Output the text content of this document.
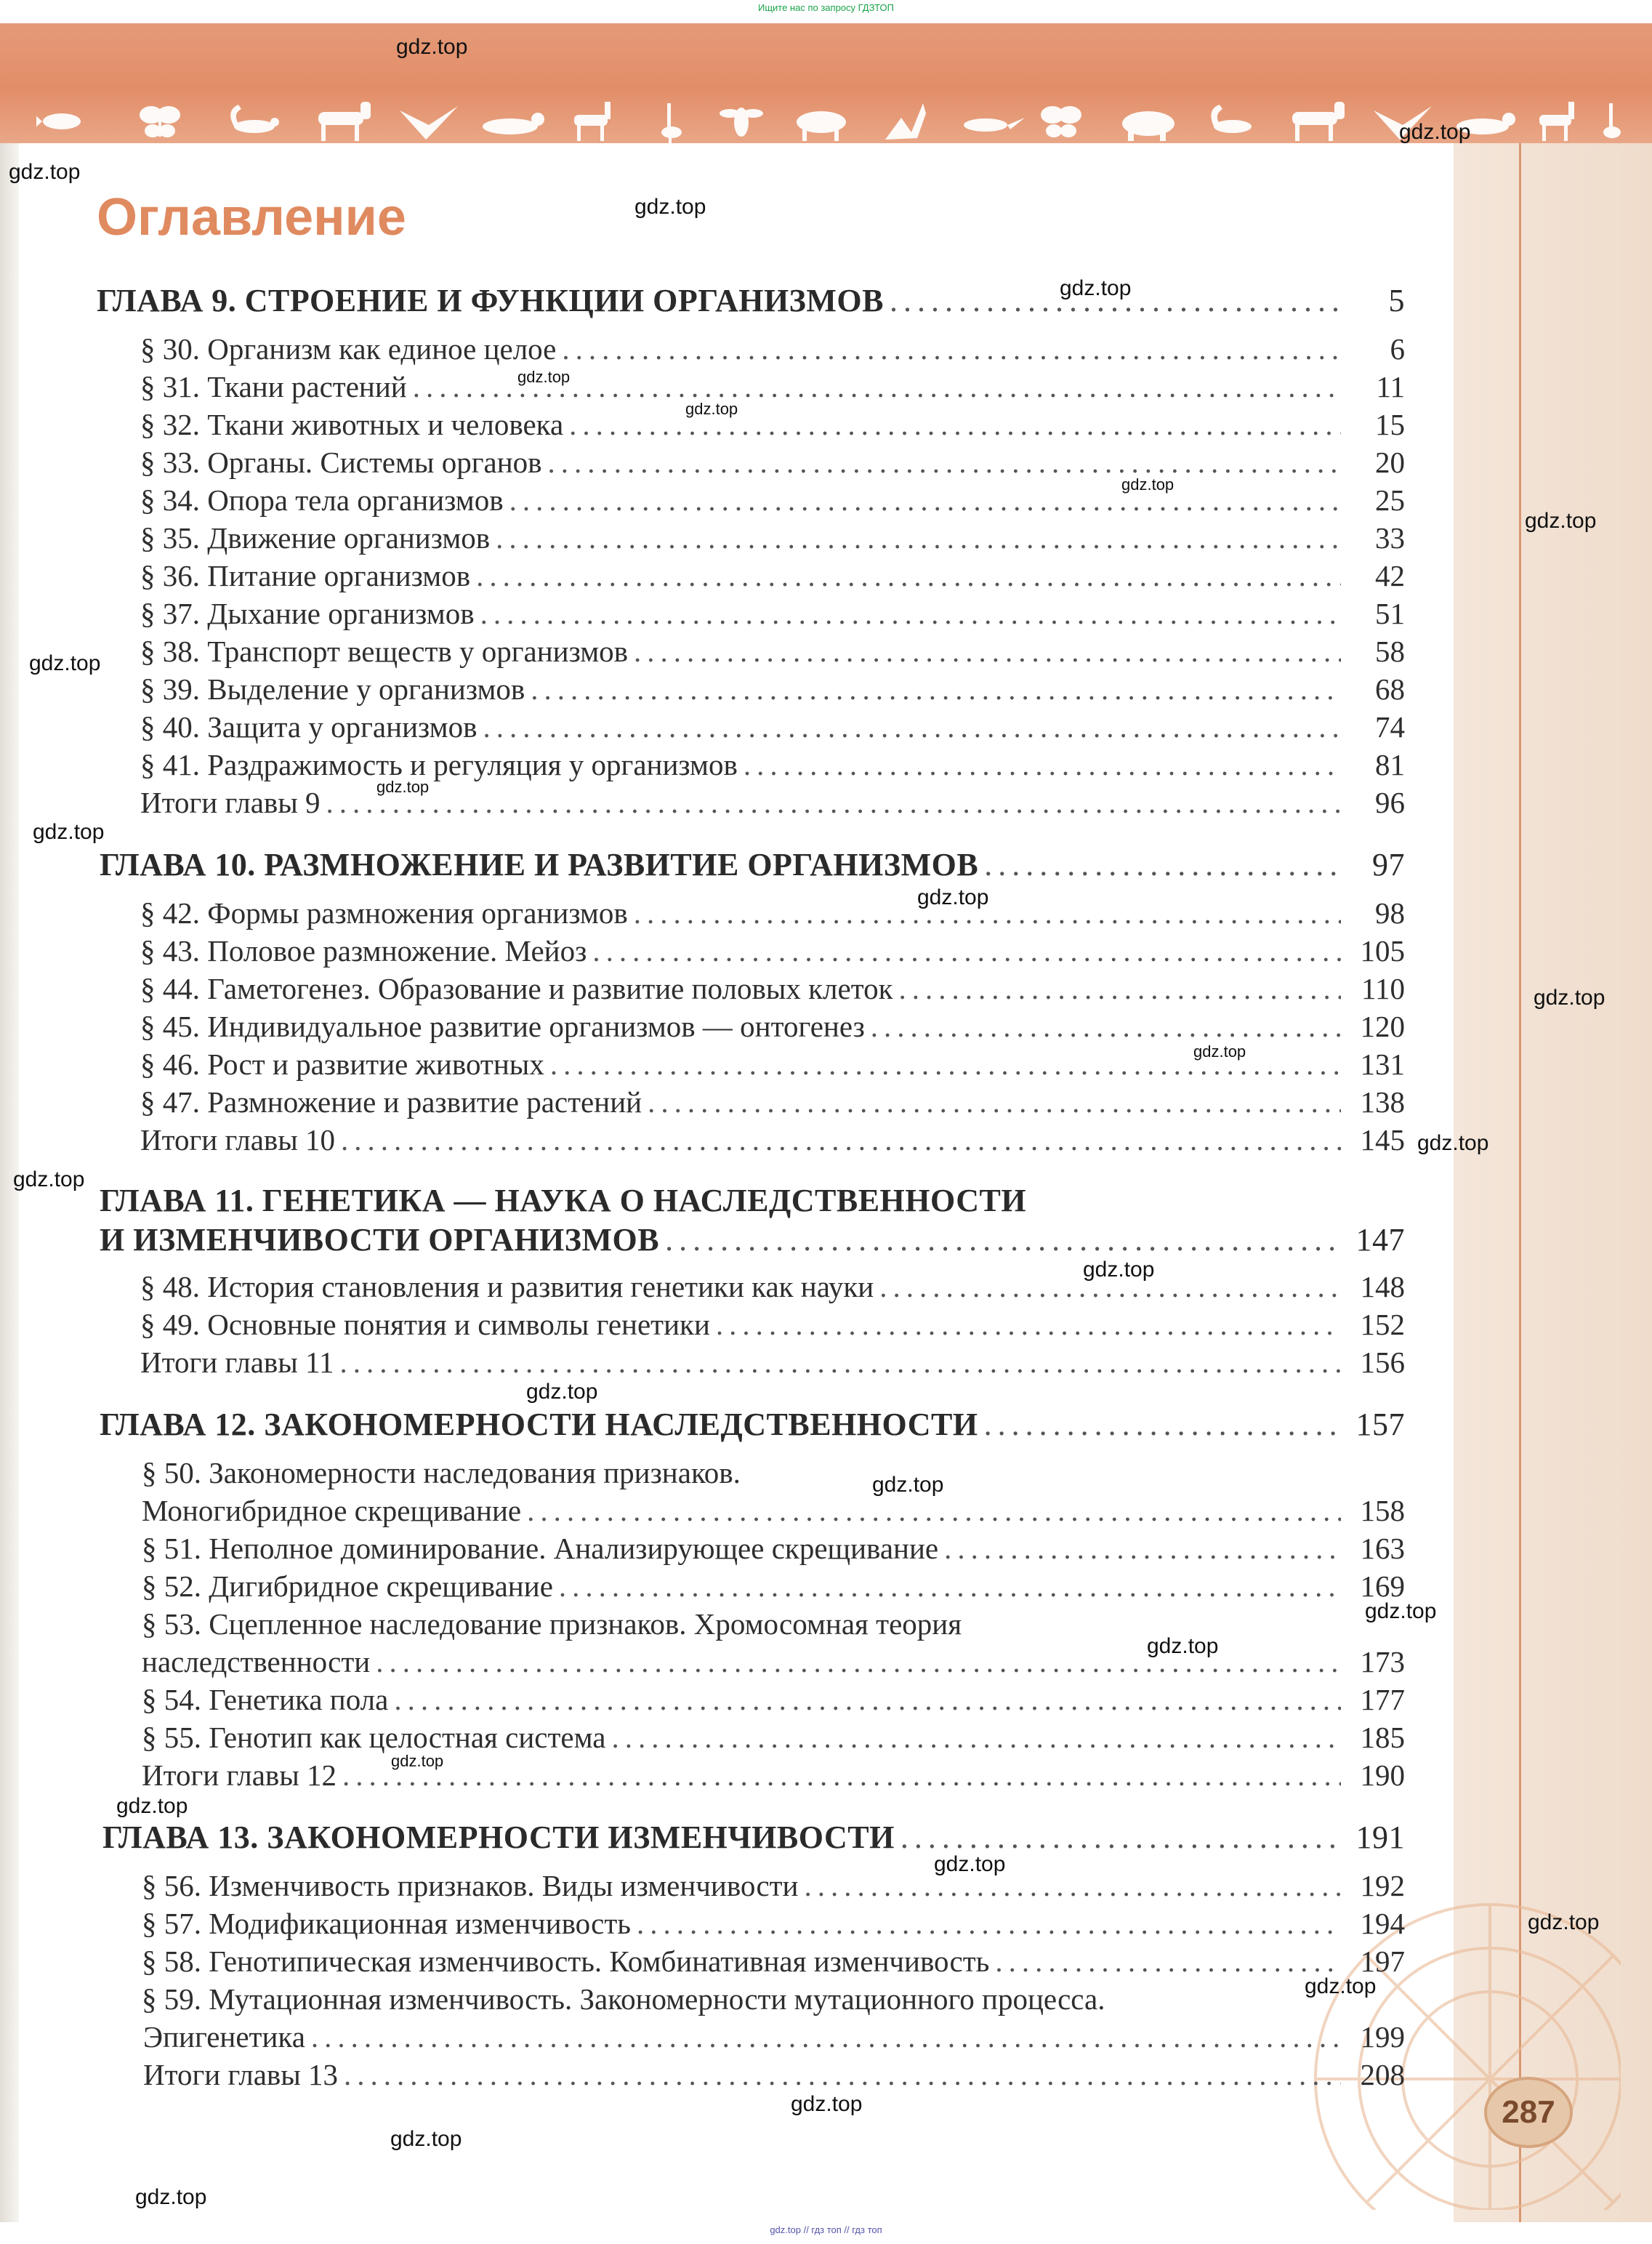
Ищите нас по запросу ГДЗТОП
287
Оглавление
ГЛАВА 9. СТРОЕНИЕ И ФУНКЦИИ ОРГАНИЗМОВ .....	5
§ 30. Организм как единое целое .....	6
§ 31. Ткани растений .....	11
§ 32. Ткани животных и человека .....	15
§ 33. Органы. Системы органов .....	20
§ 34. Опора тела организмов .....	25
§ 35. Движение организмов .....	33
§ 36. Питание организмов .....	42
§ 37. Дыхание организмов .....	51
§ 38. Транспорт веществ у организмов .....	58
§ 39. Выделение у организмов .....	68
§ 40. Защита у организмов .....	74
§ 41. Раздражимость и регуляция у организмов .....	81
Итоги главы 9 .....	96
ГЛАВА 10. РАЗМНОЖЕНИЕ И РАЗВИТИЕ ОРГАНИЗМОВ .....	97
§ 42. Формы размножения организмов .....	98
§ 43. Половое размножение. Мейоз .....	105
§ 44. Гаметогенез. Образование и развитие половых клеток .....	110
§ 45. Индивидуальное развитие организмов — онтогенез .....	120
§ 46. Рост и развитие животных .....	131
§ 47. Размножение и развитие растений .....	138
Итоги главы 10 .....	145
ГЛАВА 11. ГЕНЕТИКА — НАУКА О НАСЛЕДСТВЕННОСТИ
И ИЗМЕНЧИВОСТИ ОРГАНИЗМОВ .....	147
§ 48. История становления и развития генетики как науки .....	148
§ 49. Основные понятия и символы генетики .....	152
Итоги главы 11 .....	156
ГЛАВА 12. ЗАКОНОМЕРНОСТИ НАСЛЕДСТВЕННОСТИ .....	157
§ 50. Закономерности наследования признаков.
Моногибридное скрещивание .....	158
§ 51. Неполное доминирование. Анализирующее скрещивание .....	163
§ 52. Дигибридное скрещивание .....	169
§ 53. Сцепленное наследование признаков. Хромосомная теория
наследственности .....	173
§ 54. Генетика пола .....	177
§ 55. Генотип как целостная система .....	185
Итоги главы 12 .....	190
ГЛАВА 13. ЗАКОНОМЕРНОСТИ ИЗМЕНЧИВОСТИ .....	191
§ 56. Изменчивость признаков. Виды изменчивости .....	192
§ 57. Модификационная изменчивость .....	194
§ 58. Генотипическая изменчивость. Комбинативная изменчивость .....	197
§ 59. Мутационная изменчивость. Закономерности мутационного процесса.
Эпигенетика .....	199
Итоги главы 13 .....	208
gdz.top
gdz.top
gdz.top
gdz.top
gdz.top
gdz.top
gdz.top
gdz.top
gdz.top
gdz.top
gdz.top
gdz.top
gdz.top
gdz.top
gdz.top
gdz.top
gdz.top
gdz.top
gdz.top
gdz.top
gdz.top
gdz.top
gdz.top
gdz.top
gdz.top
gdz.top
gdz.top
gdz.top
gdz.top
gdz.top
gdz.top // гдз топ // гдз топ
